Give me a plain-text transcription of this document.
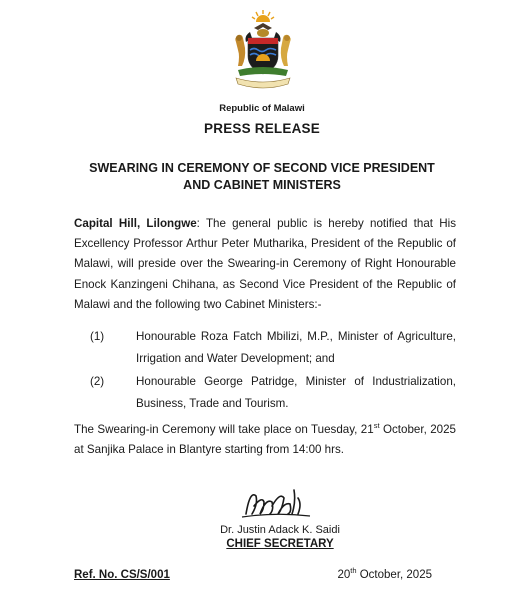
Republic of Malawi
PRESS RELEASE
SWEARING IN CEREMONY OF SECOND VICE PRESIDENT
AND CABINET MINISTERS
Capital Hill, Lilongwe: The general public is hereby notified that His Excellency Professor Arthur Peter Mutharika, President of the Republic of Malawi, will preside over the Swearing-in Ceremony of Right Honourable Enock Kanzingeni Chihana, as Second Vice President of the Republic of Malawi and the following two Cabinet Ministers:-
(1)	Honourable Roza Fatch Mbilizi, M.P., Minister of Agriculture, Irrigation and Water Development; and
(2)	Honourable George Patridge, Minister of Industrialization, Business, Trade and Tourism.
The Swearing-in Ceremony will take place on Tuesday, 21st October, 2025 at Sanjika Palace in Blantyre starting from 14:00 hrs.
Dr. Justin Adack K. Saidi
CHIEF SECRETARY
Ref. No. CS/S/001	20th October, 2025
